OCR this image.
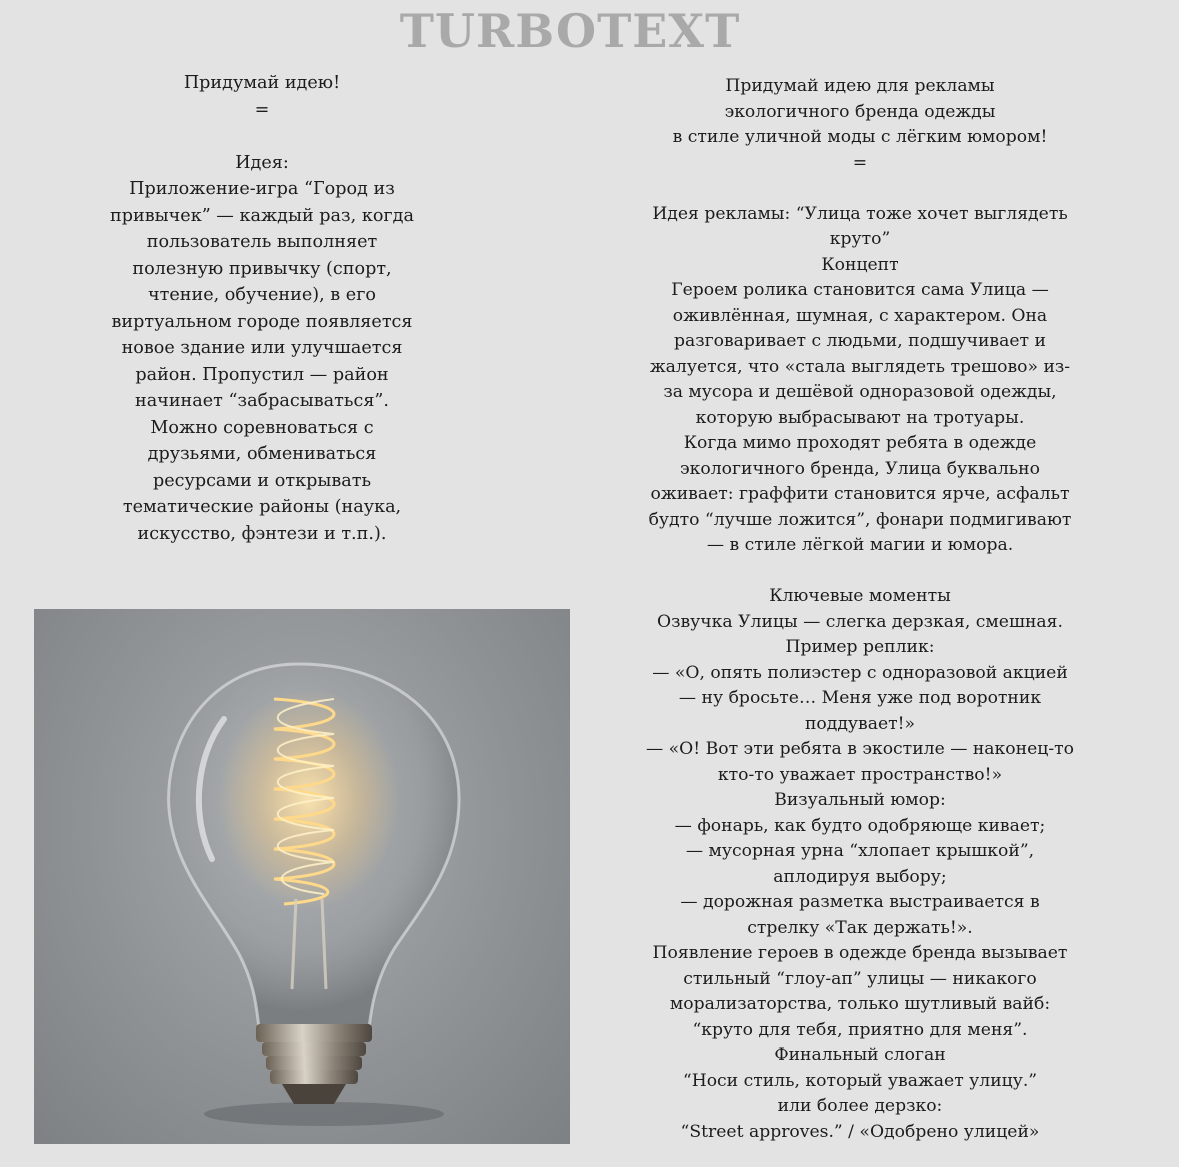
TURBOTEXT
Придумай идею!
=
Идея:
Приложение-игра “Город из
привычек” — каждый раз, когда
пользователь выполняет
полезную привычку (спорт,
чтение, обучение), в его
виртуальном городе появляется
новое здание или улучшается
район. Пропустил — район
начинает “забрасываться”.
Можно соревноваться с
друзьями, обмениваться
ресурсами и открывать
тематические районы (наука,
искусство, фэнтези и т.п.).
Придумай идею для рекламы
экологичного бренда одежды
в стиле уличной моды с лёгким юмором!
=
Идея рекламы: “Улица тоже хочет выглядеть
круто”
Концепт
Героем ролика становится сама Улица —
оживлённая, шумная, с характером. Она
разговаривает с людьми, подшучивает и
жалуется, что «стала выглядеть трешово» из-
за мусора и дешёвой одноразовой одежды,
которую выбрасывают на тротуары.
Когда мимо проходят ребята в одежде
экологичного бренда, Улица буквально
оживает: граффити становится ярче, асфальт
будто “лучше ложится”, фонари подмигивают
— в стиле лёгкой магии и юмора.
Ключевые моменты
Озвучка Улицы — слегка дерзкая, смешная.
Пример реплик:
— «О, опять полиэстер с одноразовой акцией
— ну бросьте… Меня уже под воротник
поддувает!»
— «О! Вот эти ребята в экостиле — наконец-то
кто-то уважает пространство!»
Визуальный юмор:
— фонарь, как будто одобряюще кивает;
— мусорная урна “хлопает крышкой”,
аплодируя выбору;
— дорожная разметка выстраивается в
стрелку «Так держать!».
Появление героев в одежде бренда вызывает
стильный “глоу-ап” улицы — никакого
морализаторства, только шутливый вайб:
“круто для тебя, приятно для меня”.
Финальный слоган
“Носи стиль, который уважает улицу.”
или более дерзко:
“Street approves.” / «Одобрено улицей»
